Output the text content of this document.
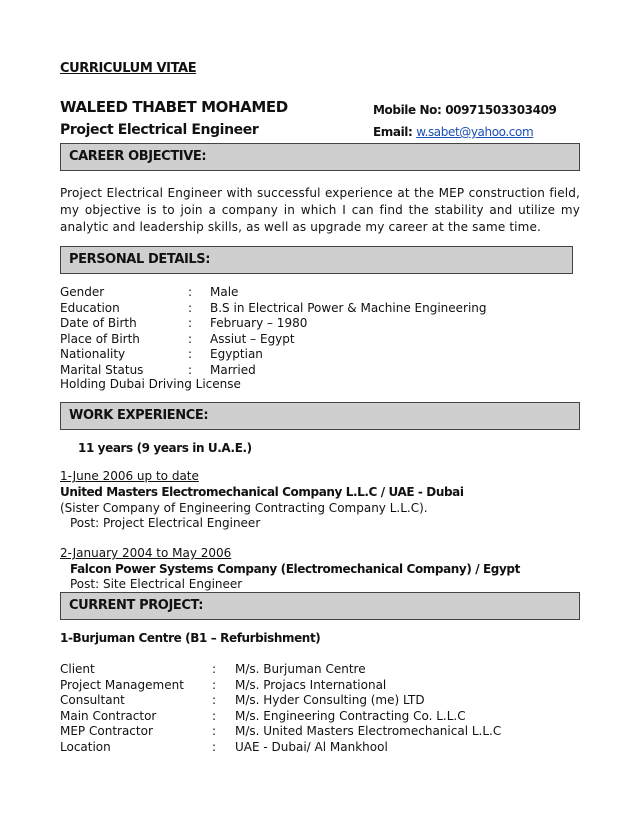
CURRICULUM VITAE
WALEED THABET MOHAMED	Mobile No: 00971503303409
Project Electrical Engineer	Email: w.sabet@yahoo.com
CAREER OBJECTIVE:
Project Electrical Engineer with successful experience at the MEP construction field, my objective is to join a company in which I can find the stability and utilize my analytic and leadership skills, as well as upgrade my career at the same time.
PERSONAL DETAILS:
Gender	: Male
Education	: B.S in Electrical Power & Machine Engineering
Date of Birth	: February – 1980
Place of Birth	: Assiut – Egypt
Nationality	: Egyptian
Marital Status	: Married
Holding Dubai Driving License
WORK EXPERIENCE:
11 years (9 years in U.A.E.)
1-June 2006 up to date
United Masters Electromechanical Company L.L.C / UAE - Dubai
(Sister Company of Engineering Contracting Company L.L.C).
Post: Project Electrical Engineer
2-January 2004 to May 2006
Falcon Power Systems Company (Electromechanical Company) / Egypt
Post: Site Electrical Engineer
CURRENT PROJECT:
1-Burjuman Centre (B1 – Refurbishment)
Client	: M/s. Burjuman Centre
Project Management : M/s. Projacs International
Consultant	: M/s. Hyder Consulting (me) LTD
Main Contractor	: M/s. Engineering Contracting Co. L.L.C
MEP Contractor	: M/s. United Masters Electromechanical L.L.C
Location	: UAE - Dubai/ Al Mankhool
